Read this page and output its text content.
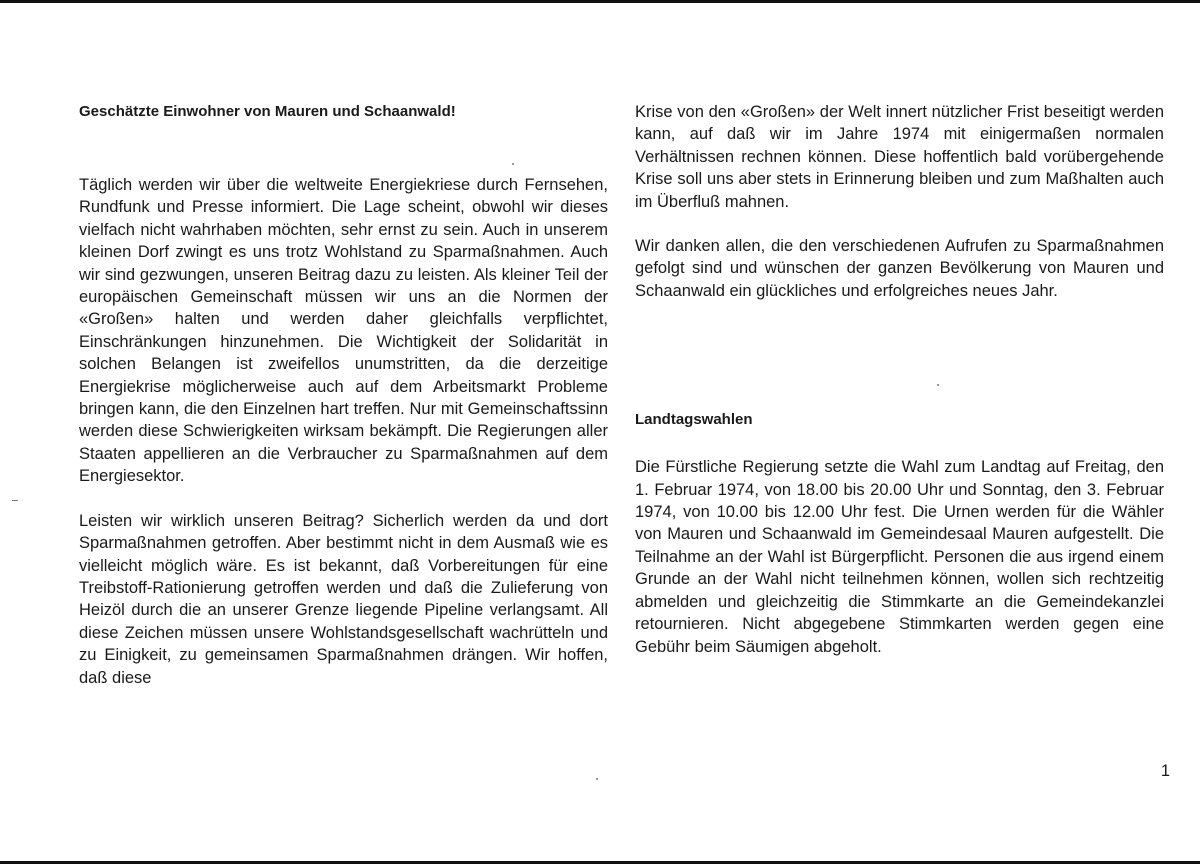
Geschätzte Einwohner von Mauren und Schaanwald!

Täglich werden wir über die weltweite Energiekriese durch Fernsehen, Rundfunk und Presse informiert. Die Lage scheint, obwohl wir dieses vielfach nicht wahrhaben möchten, sehr ernst zu sein. Auch in unserem kleinen Dorf zwingt es uns trotz Wohlstand zu Sparmaßnahmen. Auch wir sind gezwungen, unseren Beitrag dazu zu leisten. Als kleiner Teil der europäischen Gemeinschaft müssen wir uns an die Normen der «Großen» halten und werden daher gleichfalls verpflichtet, Einschränkungen hinzunehmen. Die Wichtigkeit der Solidarität in solchen Belangen ist zweifellos unumstritten, da die derzeitige Energiekrise möglicherweise auch auf dem Arbeitsmarkt Probleme bringen kann, die den Einzelnen hart treffen. Nur mit Gemeinschaftssinn werden diese Schwierigkeiten wirksam bekämpft. Die Regierungen aller Staaten appellieren an die Verbraucher zu Sparmaßnahmen auf dem Energiesektor.

Leisten wir wirklich unseren Beitrag? Sicherlich werden da und dort Sparmaßnahmen getroffen. Aber bestimmt nicht in dem Ausmaß wie es vielleicht möglich wäre. Es ist bekannt, daß Vorbereitungen für eine Treibstoff-Rationierung getroffen werden und daß die Zulieferung von Heizöl durch die an unserer Grenze liegende Pipeline verlangsamt. All diese Zeichen müssen unsere Wohlstandsgesellschaft wachrütteln und zu Einigkeit, zu gemeinsamen Sparmaßnahmen drängen. Wir hoffen, daß diese

Krise von den «Großen» der Welt innert nützlicher Frist beseitigt werden kann, auf daß wir im Jahre 1974 mit einigermaßen normalen Verhältnissen rechnen können. Diese hoffentlich bald vorübergehende Krise soll uns aber stets in Erinnerung bleiben und zum Maßhalten auch im Überfluß mahnen.

Wir danken allen, die den verschiedenen Aufrufen zu Sparmaßnahmen gefolgt sind und wünschen der ganzen Bevölkerung von Mauren und Schaanwald ein glückliches und erfolgreiches neues Jahr.

Landtagswahlen

Die Fürstliche Regierung setzte die Wahl zum Landtag auf Freitag, den 1. Februar 1974, von 18.00 bis 20.00 Uhr und Sonntag, den 3. Februar 1974, von 10.00 bis 12.00 Uhr fest. Die Urnen werden für die Wähler von Mauren und Schaanwald im Gemeindesaal Mauren aufgestellt. Die Teilnahme an der Wahl ist Bürgerpflicht. Personen die aus irgend einem Grunde an der Wahl nicht teilnehmen können, wollen sich rechtzeitig abmelden und gleichzeitig die Stimmkarte an die Gemeindekanzlei retournieren. Nicht abgegebene Stimmkarten werden gegen eine Gebühr beim Säumigen abgeholt.

1
